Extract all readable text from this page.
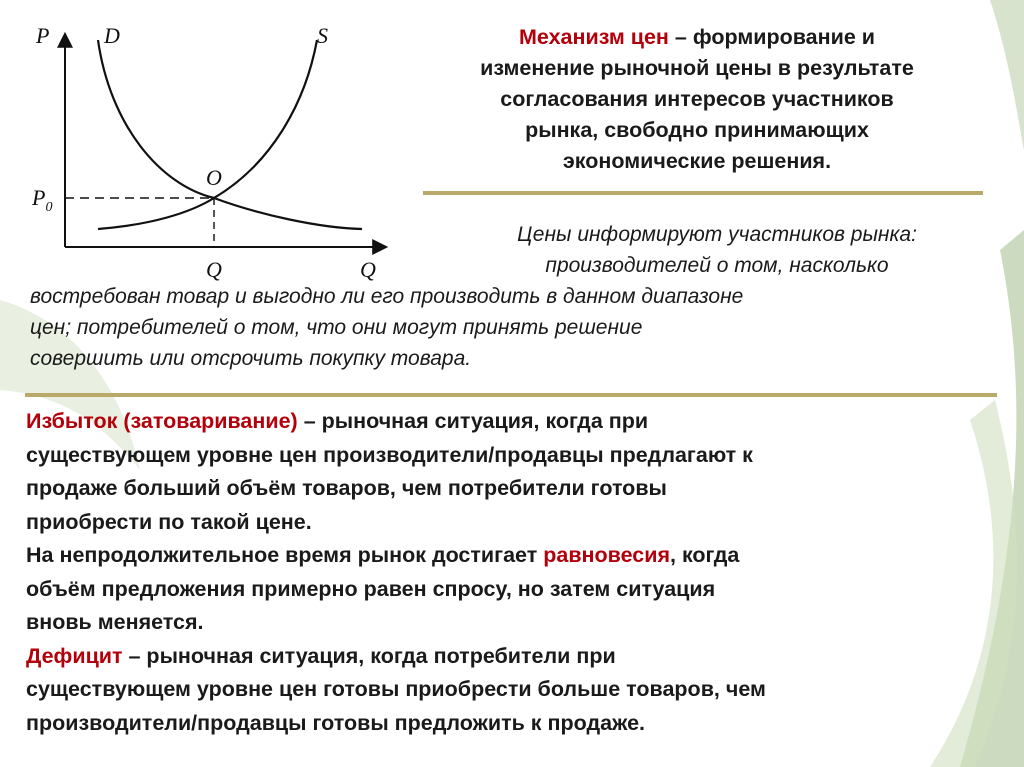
P D	S
O
$P_0$
Q	Q
Механизм цен – формирование и
изменение рыночной цены в результате
согласования интересов участников
рынка, свободно принимающих
экономические решения.
Цены информируют участников рынка:
производителей о том, насколько
востребован товар и выгодно ли его производить в данном диапазоне
цен; потребителей о том, что они могут принять решение
совершить или отсрочить покупку товара.
Избыток (затоваривание) – рыночная ситуация, когда при
существующем уровне цен производители/продавцы предлагают к
продаже больший объём товаров, чем потребители готовы
приобрести по такой цене.
На непродолжительное время рынок достигает равновесия, когда
объём предложения примерно равен спросу, но затем ситуация
вновь меняется.
Дефицит – рыночная ситуация, когда потребители при
существующем уровне цен готовы приобрести больше товаров, чем
производители/продавцы готовы предложить к продаже.
